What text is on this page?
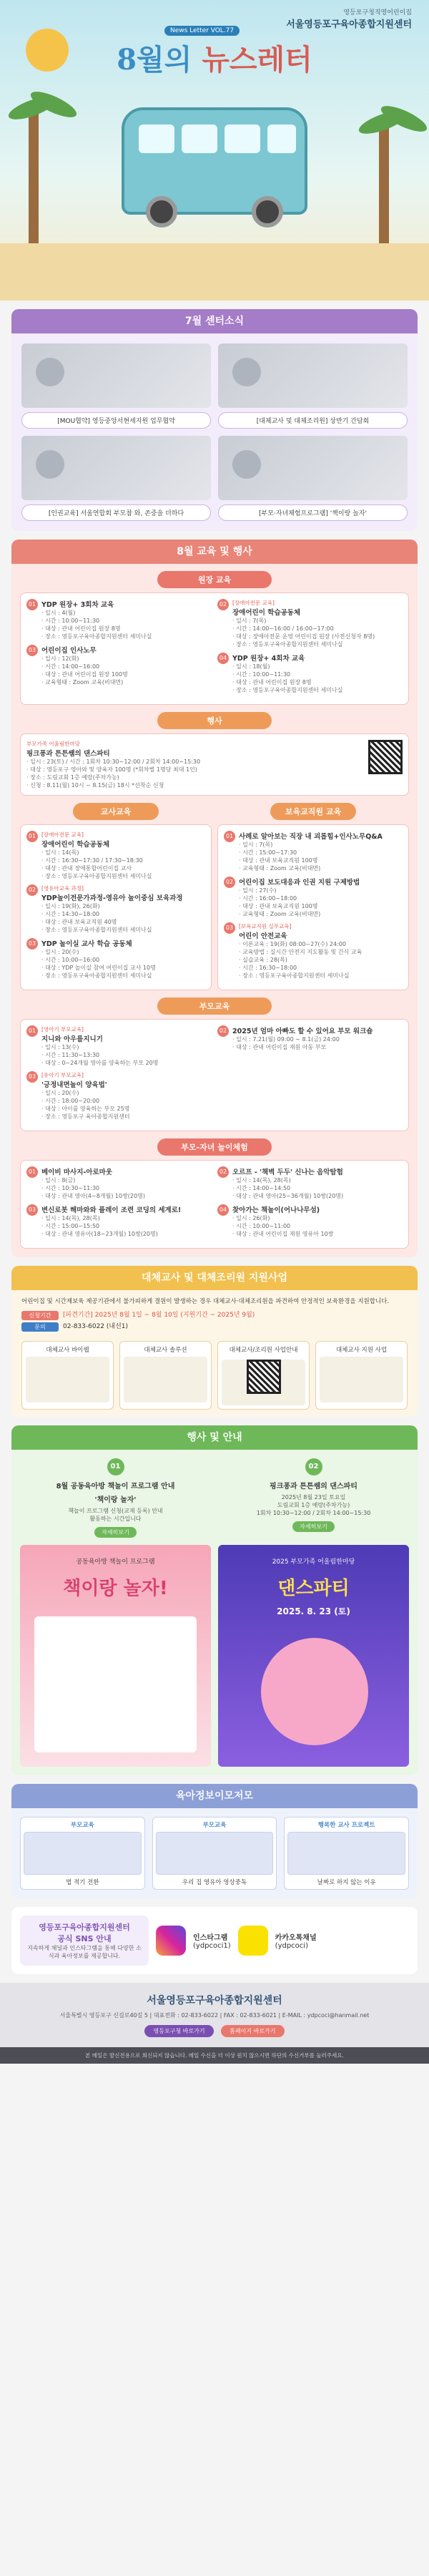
영등포구청직영어린이집
서울영등포구육아종합지원센터
News Letter VOL.77
8월의 뉴스레터
7월 센터소식
[MOU협약] 영등중앙서현세지원 업무협약	[대체교사 및 대체조리원] 상반기 간담회
[인권교육] 서울연합회 부모참 와, 존중을 더하다	[부모·자녀체험프로그램] '책이랑 놀자'
8월 교육 및 행사
원장 교육
01 YDP 원장+ 3회차 교육

· 일시 : 4(월)
· 시간 : 10:00~11:30
· 대상 : 관내 어린이집 원장 8명
· 장소 : 영등포구육아종합지원센터 세미나실

03 어린이집 인사노무

· 일시 : 12(화)
· 시간 : 14:00~16:00
· 대상 : 관내 어린이집 원장 100명
· 교육형태 : Zoom 교육(비대면)

02	[장애아전문 교육]
장애어린이 학습공동체

· 일시 : 7(목)
· 시간 : 14:00~16:00 / 16:00~17:00
· 대상 : 장애아전문 운영 어린이집 원장 (사전신청자 8명)
· 장소 : 영등포구육아종합지원센터 세미나실

04 YDP 원장+ 4회차 교육

· 일시 : 18(월)
· 시간 : 10:00~11:30
· 대상 : 관내 어린이집 원장 8명
· 장소 : 영등포구육아종합지원센터 세미나실

행사
부모가족 어울림한마당
핑크퐁과 튼튼쌤의 댄스파티

· 일시 : 23(토) / 시간 : 1회차 10:30~12:00 / 2회차 14:00~15:30
· 대상 : 영등포구 영아와 및 양육자 100명 (*회차별 1명당 최대 1인)
· 장소 : 도림교회 1층 예랑(주차가능)
· 신청 : 8.11(월) 10시 ~ 8.15(금) 18시 *선착순 신청

교사교육
01	[장애아전문 교육]
장애어린이 학습공동체

· 일시 : 14(목)
· 시간 : 16:30~17:30 / 17:30~18:30
· 대상 : 관내 장애통합어린이집 교사
· 장소 : 영등포구육아종합지원센터 세미나실

02	[영유아교육 과정]
YDP놀이전문가과정-영유아 놀이중심 보육과정

· 일시 : 19(화), 26(화)
· 시간 : 14:30~18:00
· 대상 : 관내 보육교직원 40명
· 장소 : 영등포구육아종합지원센터 세미나실

03 YDP 놀이실 교사 학습 공동체

· 일시 : 20(수)
· 시간 : 10:00~16:00
· 대상 : YDP 놀이실 참여 어린이집 교사 10명
· 장소 : 영등포구육아종합지원센터 세미나실

보육교직원 교육
01 사례로 알아보는 직장 내 괴롭힘+인사노무Q&A

· 일시 : 7(목)
· 시간 : 15:00~17:30
· 대상 : 관내 보육교직원 100명
· 교육형태 : Zoom 교육(비대면)

02 어린이집 보도대응과 인권 지원 구제방법

· 일시 : 27(수)
· 시간 : 16:00~18:00
· 대상 : 관내 보육교직원 100명
· 교육형태 : Zoom 교육(비대면)

03	[보육교직원 실무교육]
어린이 안전교육

· 이론교육 : 19(화) 08:00~27(수) 24:00
· 교육방법 : 실시간 안전지 지도활동 및 간식 교육
· 실습교육 : 28(목)
· 시간 : 16:30~18:00
· 장소 : 영등포구육아종합지원센터 세미나실

부모교육
01	[영아기 부모교육]
지니와 아우를지니기

· 일시 : 13(수)
· 시간 : 11:30~13:30
· 대상 : 0~24개월 영아를 양육하는 부모 20명

03	[유아기 부모교육]
'긍정내면놀이 양육법'

· 일시 : 20(수)
· 시간 : 18:00~20:00
· 대상 : 아이를 양육하는 부모 25명
· 장소 : 영등포구 육아종합지원센터

02 2025년 엄마 아빠도 할 수 있어요 부모 워크숍

· 일시 : 7.21(월) 09:00 ~ 8.1(금) 24:00
· 대상 : 관내 어린이집 재원 아동 부모

부모-자녀 놀이체험
01 베이비 마사지-아로마웃

· 일시 : 8(금)
· 시간 : 10:30~11:30
· 대상 : 관내 영아(4~8개월) 10쌍(20명)

03 변신로봇 해마와와 플레이 조련 코딩의 세계로!

· 일시 : 14(목), 28(목)
· 시간 : 15:00~15:50
· 대상 : 관내 영유아(18~23개월) 10쌍(20명)

02 오르프 - '책벽 두두' 신나는 음악탐험

· 일시 : 14(목), 28(목)
· 시간 : 14:00~14:50
· 대상 : 관내 영아(25~36개월) 10쌍(20명)

04 찾아가는 책놀이(어나나무섬)

· 일시 : 26(화)
· 시간 : 10:00~11:00
· 대상 : 관내 어린이집 재원 영유아 10쌍

대체교사 및 대체조리원 지원사업

어린이집 및 시간제보육 제공기관에서 불가피하게 결원이 발생하는 경우 대체교사·대체조리원을 파견하여 안정적인 보육환경을 지원합니다.

신청기간	[파견기간] 2025년 8월 1일 ~ 8월 10일 (지원기간 ~ 2025년 9월)
문의	02-833-6022 (내선1)
대체교사 바이웹	대체교사 솔루션	대체교사/조리원 사업안내	대체교사 지원 사업
행사 및 안내
01
8월 공동육아방 책놀이 프로그램 안내
'책이랑 놀자'

책놀이 프로그램 신청(교재 등록) 안내
활동하는 시간입니다

자세히보기
02
핑크퐁과 튼튼쌤의 댄스파티

2025년 8월 23일 토요일
도림교회 1층 예랑(주차가능)
1회차 10:30~12:00 / 2회차 14:00~15:30

자세히보기
공동육아방 책놀이 프로그램
책이랑 놀자!
2025 부모가족 어울림한마당
댄스파티
2025. 8. 23 (토)
육아정보이모저모
부모교육
법 적기 전환
부모교육
우리 집 영유아 영상중독
행복한 교사 프로젝트
날짜로 하지 않는 이유
영등포구육아종합지원센터
공식 SNS 안내

지속하게 채널과 인스타그램을 통해 다양한 소식과 육아정보를 제공합니다.

인스타그램
(ydpcoci1)
카카오톡채널
(ydpcoci)
서울영등포구육아종합지원센터

서울특별시 영등포구 신길로40길 5 | 대표전화 : 02-833-6022 | FAX : 02-833-6021 | E-MAIL : ydpcoci@hanmail.net

영등포구청 바로가기	홈페이지 바로가기
본 메일은 발신전용으로 회신되지 않습니다. 메일 수신을 더 이상 원치 않으시면 하단의 수신거부를 눌러주세요.
